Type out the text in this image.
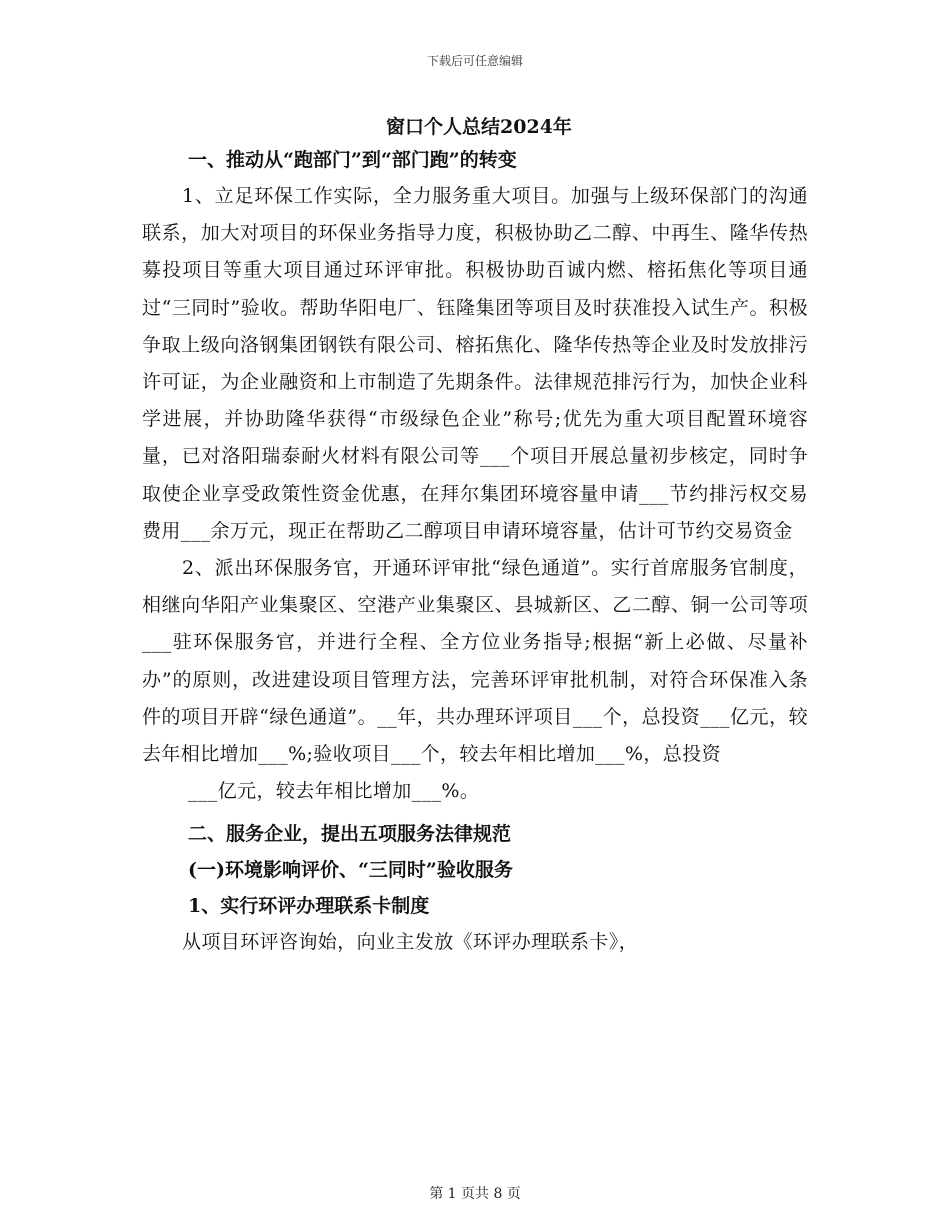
下载后可任意编辑
窗口个人总结2024年
一、推动从“跑部门”到“部门跑”的转变

1、立足环保工作实际，全力服务重大项目。加强与上级环保部门的沟通联系，加大对项目的环保业务指导力度，积极协助乙二醇、中再生、隆华传热募投项目等重大项目通过环评审批。积极协助百诚内燃、榕拓焦化等项目通过“三同时”验收。帮助华阳电厂、钰隆集团等项目及时获准投入试生产。积极争取上级向洛钢集团钢铁有限公司、榕拓焦化、隆华传热等企业及时发放排污许可证，为企业融资和上市制造了先期条件。法律规范排污行为，加快企业科学进展，并协助隆华获得“市级绿色企业”称号;优先为重大项目配置环境容量，已对洛阳瑞泰耐火材料有限公司等___个项目开展总量初步核定，同时争取使企业享受政策性资金优惠，在拜尔集团环境容量申请___节约排污权交易费用___余万元，现正在帮助乙二醇项目申请环境容量，估计可节约交易资金

2、派出环保服务官，开通环评审批“绿色通道”。实行首席服务官制度，相继向华阳产业集聚区、空港产业集聚区、县城新区、乙二醇、铜一公司等项___驻环保服务官，并进行全程、全方位业务指导;根据“新上必做、尽量补办”的原则，改进建设项目管理方法，完善环评审批机制，对符合环保准入条件的项目开辟“绿色通道”。__年，共办理环评项目___个，总投资___亿元，较去年相比增加___%;验收项目___个，较去年相比增加___%，总投资

___亿元，较去年相比增加___%。

二、服务企业，提出五项服务法律规范
(一)环境影响评价、“三同时”验收服务
1、实行环评办理联系卡制度

从项目环评咨询始，向业主发放《环评办理联系卡》，

第 1 页共 8 页
